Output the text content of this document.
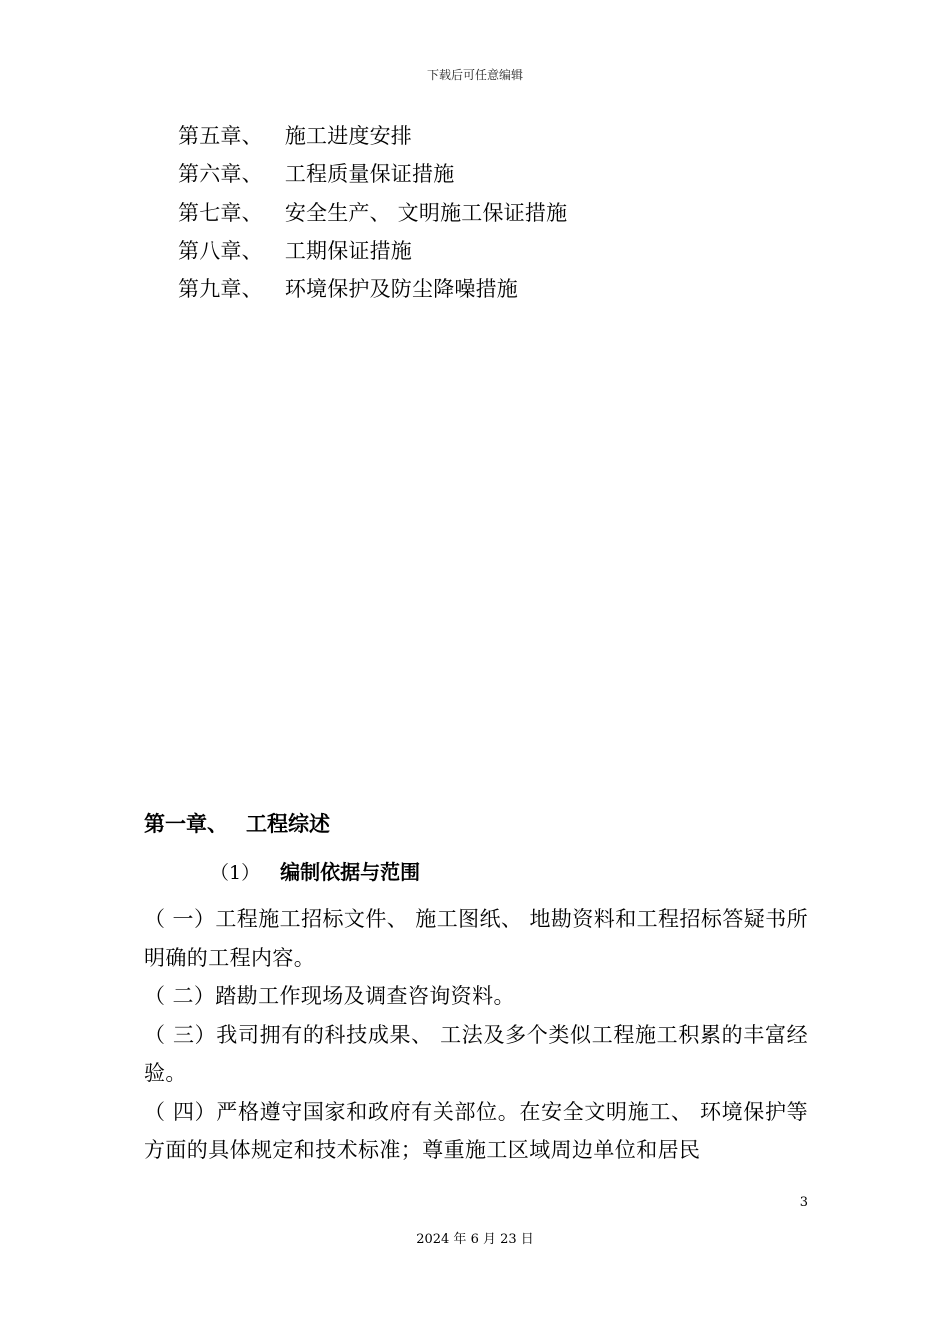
下载后可任意编辑
第五章、 施工进度安排
第六章、 工程质量保证措施
第七章、 安全生产、 文明施工保证措施
第八章、 工期保证措施
第九章、 环境保护及防尘降噪措施
第一章、 工程综述
（1） 编制依据与范围
（ 一）工程施工招标文件、 施工图纸、 地勘资料和工程招标答疑书所明确的工程内容。
（ 二）踏勘工作现场及调查咨询资料。
（ 三）我司拥有的科技成果、 工法及多个类似工程施工积累的丰富经验。
（ 四）严格遵守国家和政府有关部位。在安全文明施工、 环境保护等方面的具体规定和技术标准；尊重施工区域周边单位和居民
3
2024 年 6 月 23 日
